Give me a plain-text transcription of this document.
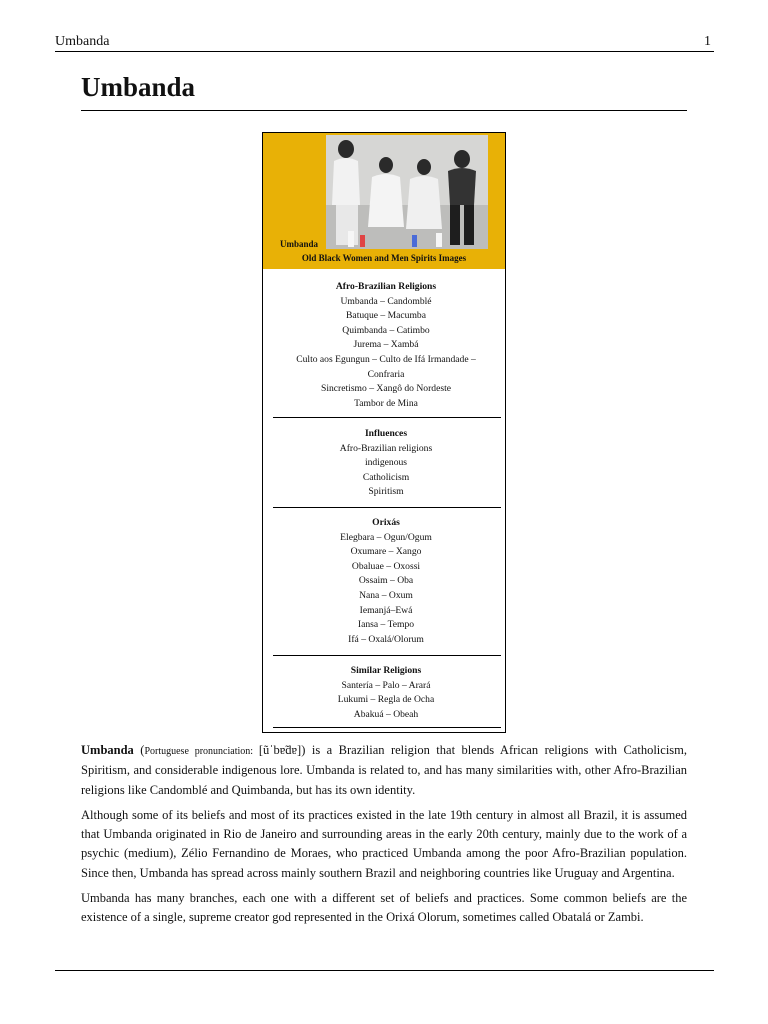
Umbanda	1
Umbanda
Umbanda
Old Black Women and Men Spirits Images
Afro-Brazilian Religions
Umbanda – Candomblé
Batuque – Macumba
Quimbanda – Catimbo
Jurema – Xambá
Culto aos Egungun – Culto de Ifá Irmandade –
Confraria
Sincretismo – Xangô do Nordeste
Tambor de Mina
Influences
Afro-Brazilian religions
indigenous
Catholicism
Spiritism
Orixás
Elegbara – Ogun/Ogum
Oxumare – Xango
Obaluae – Oxossi
Ossaim – Oba
Nana – Oxum
Iemanjá–Ewá
Iansa – Tempo
Ifá – Oxalá/Olorum
Similar Religions
Santería – Palo – Arará
Lukumi – Regla de Ocha
Abakuá – Obeah

Umbanda (Portuguese pronunciation: [ũˈbɐ̃dɐ]) is a Brazilian religion that blends African religions with Catholicism, Spiritism, and considerable indigenous lore. Umbanda is related to, and has many similarities with, other Afro-Brazilian religions like Candomblé and Quimbanda, but has its own identity.

Although some of its beliefs and most of its practices existed in the late 19th century in almost all Brazil, it is assumed that Umbanda originated in Rio de Janeiro and surrounding areas in the early 20th century, mainly due to the work of a psychic (medium), Zélio Fernandino de Moraes, who practiced Umbanda among the poor Afro-Brazilian population. Since then, Umbanda has spread across mainly southern Brazil and neighboring countries like Uruguay and Argentina.

Umbanda has many branches, each one with a different set of beliefs and practices. Some common beliefs are the existence of a single, supreme creator god represented in the Orixá Olorum, sometimes called Obatalá or Zambi.
